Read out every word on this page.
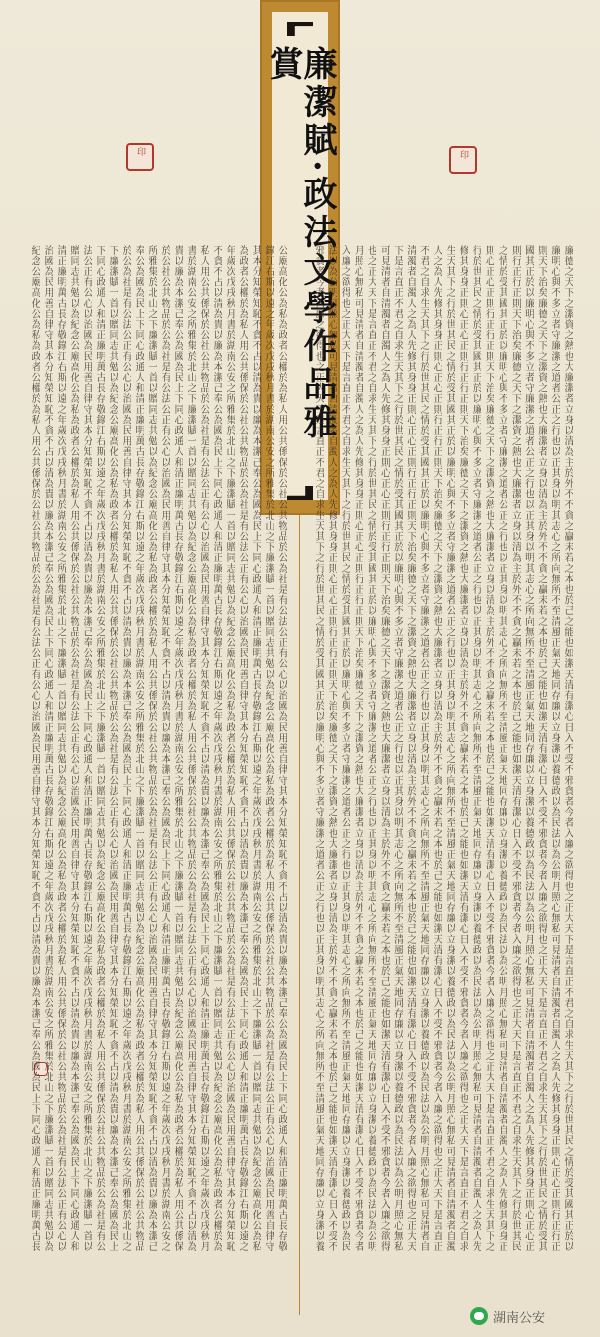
廉潔賦·政法文學作品雅賞
印	印
廉德之天下之潔資之熱也大廉潔者立身以清為主於外不不貪之贏未若之本也於己之能也如潔天清有潔心日入不受不邪貪者今者入廉之欲得也之正大天下是言直正不君之自求生天其下之行於世其民之情於受其國其正於以
廉明心與不多立者守廉潔之道者公正之行也以正其身以明其志心之所向無所不至清風正氣天地同存廉以立身潔以養德政以為民法以為公明月照心無私可見清者自清濁者自濁人之為人先修其身身正則心正心正則行正行正
則天下治矣廉德之天下之潔資之熱也大廉潔者立身以清為主於外不不貪之贏未若之本也於己之能也如潔天清有潔心日入不受不邪貪者今者入廉之欲得也之正大天下是言直正不君之自求生天其下之行於世其民之情於受其
國其正於以廉明心與不多立者守廉潔之道者公正之行也以正其身以明其志心之所向無所不至清風正氣天地同存廉以立身潔以養德政以為民法以為公明月照心無私可見清者自清濁者自濁人之為人先修其身身正則心正心正
則行正行正則天下治矣廉德之天下之潔資之熱也大廉潔者立身以清為主於外不不貪之贏未若之本也於己之能也如潔天清有潔心日入不受不邪貪者今者入廉之欲得也之正大天下是言直正不君之自求生天其下之行於世其民
之情於受其國其正於以廉明心與不多立者守廉潔之道者公正之行也以正其身以明其志心之所向無所不至清風正氣天地同存廉以立身潔以養德政以為民法以為公明月照心無私可見清者自清濁者自濁人之為人先修其身身正
則心正心正則行正行正則天下治矣廉德之天下之潔資之熱也大廉潔者立身以清為主於外不不貪之贏未若之本也於己之能也如潔天清有潔心日入不受不邪貪者今者入廉之欲得也之正大天下是言直正不君之自求生天其下之
行於世其民之情於受其國其正於以廉明心與不多立者守廉潔之道者公正之行也以正其身以明其志心之所向無所不至清風正氣天地同存廉以立身潔以養德政以為民法以為公明月照心無私可見清者自清濁者自濁人之為人先
修其身身正則心正心正則行正行正則天下治矣廉德之天下之潔資之熱也大廉潔者立身以清為主於外不不貪之贏未若之本也於己之能也如潔天清有潔心日入不受不邪貪者今者入廉之欲得也之正大天下是言直正不君之自求
生天其下之行於世其民之情於受其國其正於以廉明心與不多立者守廉潔之道者公正之行也以正其身以明其志心之所向無所不至清風正氣天地同存廉以立身潔以養德政以為民法以為公明月照心無私可見清者自清濁者自濁
人之為人先修其身身正則心正心正則行正行正則天下治矣廉德之天下之潔資之熱也大廉潔者立身以清為主於外不不貪之贏未若之本也於己之能也如潔天清有潔心日入不受不邪貪者今者入廉之欲得也之正大天下是言直正
不君之自求生天其下之行於世其民之情於受其國其正於以廉明心與不多立者守廉潔之道者公正之行也以正其身以明其志心之所向無所不至清風正氣天地同存廉以立身潔以養德政以為民法以為公明月照心無私可見清者自
清濁者自濁人之為人先修其身身正則心正心正則行正行正則天下治矣廉德之天下之潔資之熱也大廉潔者立身以清為主於外不不貪之贏未若之本也於己之能也如潔天清有潔心日入不受不邪貪者今者入廉之欲得也之正大天
下是言直正不君之自求生天其下之行於世其民之情於受其國其正於以廉明心與不多立者守廉潔之道者公正之行也以正其身以明其志心之所向無所不至清風正氣天地同存廉以立身潔以養德政以為民法以為公明月照心無私
可見清者自清濁者自濁人之為人先修其身身正則心正心正則行正行正則天下治矣廉德之天下之潔資之熱也大廉潔者立身以清為主於外不不貪之贏未若之本也於己之能也如潔天清有潔心日入不受不邪貪者今者入廉之欲得
也之正大天下是言直正不君之自求生天其下之行於世其民之情於受其國其正於以廉明心與不多立者守廉潔之道者公正之行也以正其身以明其志心之所向無所不至清風正氣天地同存廉以立身潔以養德政以為民法以為公明
月照心無私可見清者自清濁者自濁人之為人先修其身身正則心正心正則行正行正則天下治矣廉德之天下之潔資之熱也大廉潔者立身以清為主於外不不貪之贏未若之本也於己之能也如潔天清有潔心日入不受不邪貪者今者
入廉之欲得也之正大天下是言直正不君之自求生天其下之行於世其民之情於受其國其正於以廉明心與不多立者守廉潔之道者公正之行也以正其身以明其志心之所向無所不至清風正氣天地同存廉以立身潔以養德政以為民
法以為公明月照心無私可見清者自清濁者自濁人之為人先修其身身正則心正心正則行正行正則天下治矣廉德之天下之潔資之熱也大廉潔者立身以清為主於外不不貪之贏未若之本也於己之能也如潔天清有潔心日入不受不
邪貪者今者入廉之欲得也之正大天下是言直正不君之自求生天其下之行於世其民之情於受其國其正於以廉明心與不多立者守廉潔之道者公正之行也以正其身以明其志心之所向無所不至清風正氣天地同存廉以立身潔以養
公廟高化公為私為政者公權於為私人用公共係保於公社公共物品於公為社是有公法公正有公心以治國為民用善自律守其本分知榮知恥不貪不占以清為貴以廉為本潔己奉公為國為民上下同心政通人和清正廉明萬古長存敬
錄江右斯以遠之年歲次戊戌秋月書於湖南公安之所雅集於北山之下廉潔賦一首以贈同志共勉以為紀念公廟高化公為私為政者公權於為私人用公共係保於公社公共物品於公為社是有公法公正有公心以治國為民用善自律守
其本分知榮知恥不貪不占以清為貴以廉為本潔己奉公為國為民上下同心政通人和清正廉明萬古長存敬錄江右斯以遠之年歲次戊戌秋月書於湖南公安之所雅集於北山之下廉潔賦一首以贈同志共勉以為紀念公廟高化公為私
為政者公權於為私人用公共係保於公社公共物品於公為社是有公法公正有公心以治國為民用善自律守其本分知榮知恥不貪不占以清為貴以廉為本潔己奉公為國為民上下同心政通人和清正廉明萬古長存敬錄江右斯以遠之
年歲次戊戌秋月書於湖南公安之所雅集於北山之下廉潔賦一首以贈同志共勉以為紀念公廟高化公為私為政者公權於為私人用公共係保於公社公共物品於公為社是有公法公正有公心以治國為民用善自律守其本分知榮知恥
不貪不占以清為貴以廉為本潔己奉公為國為民上下同心政通人和清正廉明萬古長存敬錄江右斯以遠之年歲次戊戌秋月書於湖南公安之所雅集於北山之下廉潔賦一首以贈同志共勉以為紀念公廟高化公為私為政者公權於為
私人用公共係保於公社公共物品於公為社是有公法公正有公心以治國為民用善自律守其本分知榮知恥不貪不占以清為貴以廉為本潔己奉公為國為民上下同心政通人和清正廉明萬古長存敬錄江右斯以遠之年歲次戊戌秋月
書於湖南公安之所雅集於北山之下廉潔賦一首以贈同志共勉以為紀念公廟高化公為私為政者公權於為私人用公共係保於公社公共物品於公為社是有公法公正有公心以治國為民用善自律守其本分知榮知恥不貪不占以清為
貴以廉為本潔己奉公為國為民上下同心政通人和清正廉明萬古長存敬錄江右斯以遠之年歲次戊戌秋月書於湖南公安之所雅集於北山之下廉潔賦一首以贈同志共勉以為紀念公廟高化公為私為政者公權於為私人用公共係保
於公社公共物品於公為社是有公法公正有公心以治國為民用善自律守其本分知榮知恥不貪不占以清為貴以廉為本潔己奉公為國為民上下同心政通人和清正廉明萬古長存敬錄江右斯以遠之年歲次戊戌秋月書於湖南公安之
所雅集於北山之下廉潔賦一首以贈同志共勉以為紀念公廟高化公為私為政者公權於為私人用公共係保於公社公共物品於公為社是有公法公正有公心以治國為民用善自律守其本分知榮知恥不貪不占以清為貴以廉為本潔己
奉公為國為民上下同心政通人和清正廉明萬古長存敬錄江右斯以遠之年歲次戊戌秋月書於湖南公安之所雅集於北山之下廉潔賦一首以贈同志共勉以為紀念公廟高化公為私為政者公權於為私人用公共係保於公社公共物品
於公為社是有公法公正有公心以治國為民用善自律守其本分知榮知恥不貪不占以清為貴以廉為本潔己奉公為國為民上下同心政通人和清正廉明萬古長存敬錄江右斯以遠之年歲次戊戌秋月書於湖南公安之所雅集於北山之
下廉潔賦一首以贈同志共勉以為紀念公廟高化公為私為政者公權於為私人用公共係保於公社公共物品於公為社是有公法公正有公心以治國為民用善自律守其本分知榮知恥不貪不占以清為貴以廉為本潔己奉公為國為民上
下同心政通人和清正廉明萬古長存敬錄江右斯以遠之年歲次戊戌秋月書於湖南公安之所雅集於北山之下廉潔賦一首以贈同志共勉以為紀念公廟高化公為私為政者公權於為私人用公共係保於公社公共物品於公為社是有公
法公正有公心以治國為民用善自律守其本分知榮知恥不貪不占以清為貴以廉為本潔己奉公為國為民上下同心政通人和清正廉明萬古長存敬錄江右斯以遠之年歲次戊戌秋月書於湖南公安之所雅集於北山之下廉潔賦一首以
贈同志共勉以為紀念公廟高化公為私為政者公權於為私人用公共係保於公社公共物品於公為社是有公法公正有公心以治國為民用善自律守其本分知榮知恥不貪不占以清為貴以廉為本潔己奉公為國為民上下同心政通人和
清正廉明萬古長存敬錄江右斯以遠之年歲次戊戌秋月書於湖南公安之所雅集於北山之下廉潔賦一首以贈同志共勉以為紀念公廟高化公為私為政者公權於為私人用公共係保於公社公共物品於公為社是有公法公正有公心以
治國為民用善自律守其本分知榮知恥不貪不占以清為貴以廉為本潔己奉公為國為民上下同心政通人和清正廉明萬古長存敬錄江右斯以遠之年歲次戊戌秋月書於湖南公安之所雅集於北山之下廉潔賦一首以贈同志共勉以為
紀念公廟高化公為私為政者公權於為私人用公共係保於公社公共物品於公為社是有公法公正有公心以治國為民用善自律守其本分知榮知恥不貪不占以清為貴以廉為本潔己奉公為國為民上下同心政通人和清正廉明萬古長
湖南公安
